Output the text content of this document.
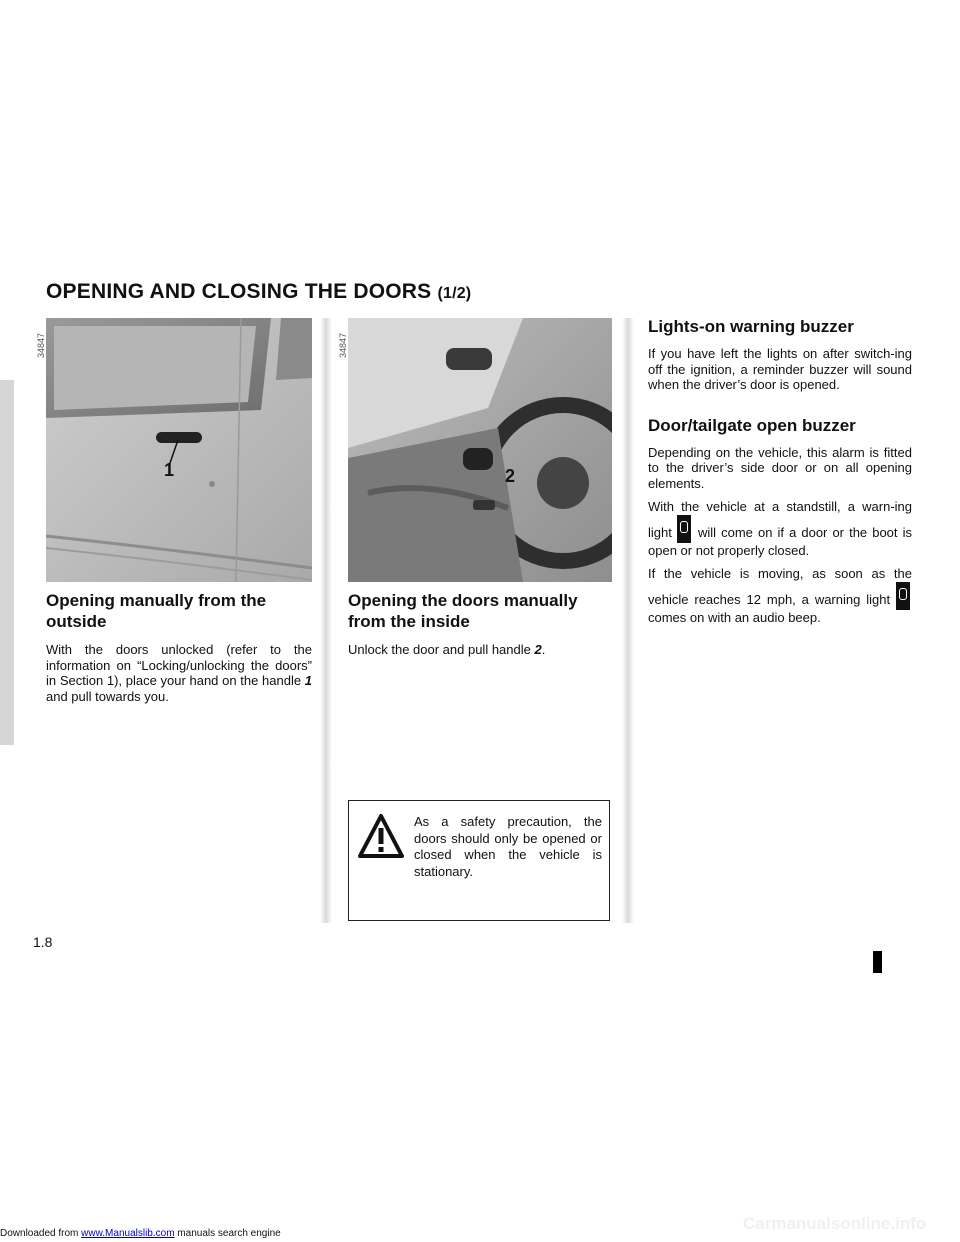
OPENING AND CLOSING THE DOORS (1/2)
34847
1
34847
2
Opening manually from the outside

With the doors unlocked (refer to the information on “Locking/unlocking the doors” in Section 1), place your hand on the handle 1 and pull towards you.

Opening the doors manually from the inside

Unlock the door and pull handle 2.

As a safety precaution, the doors should only be opened or closed when the vehicle is stationary.
Lights-on warning buzzer

If you have left the lights on after switch-ing off the ignition, a reminder buzzer will sound when the driver’s door is opened.

Door/tailgate open buzzer

Depending on the vehicle, this alarm is fitted to the driver’s side door or on all opening elements.

With the vehicle at a standstill, a warn-ing light  will come on if a door or the boot is open or not properly closed.

If the vehicle is moving, as soon as the vehicle reaches 12 mph, a warning light  comes on with an audio beep.

1.8
Downloaded from www.Manualslib.com manuals search engine
Carmanualsonline.info
